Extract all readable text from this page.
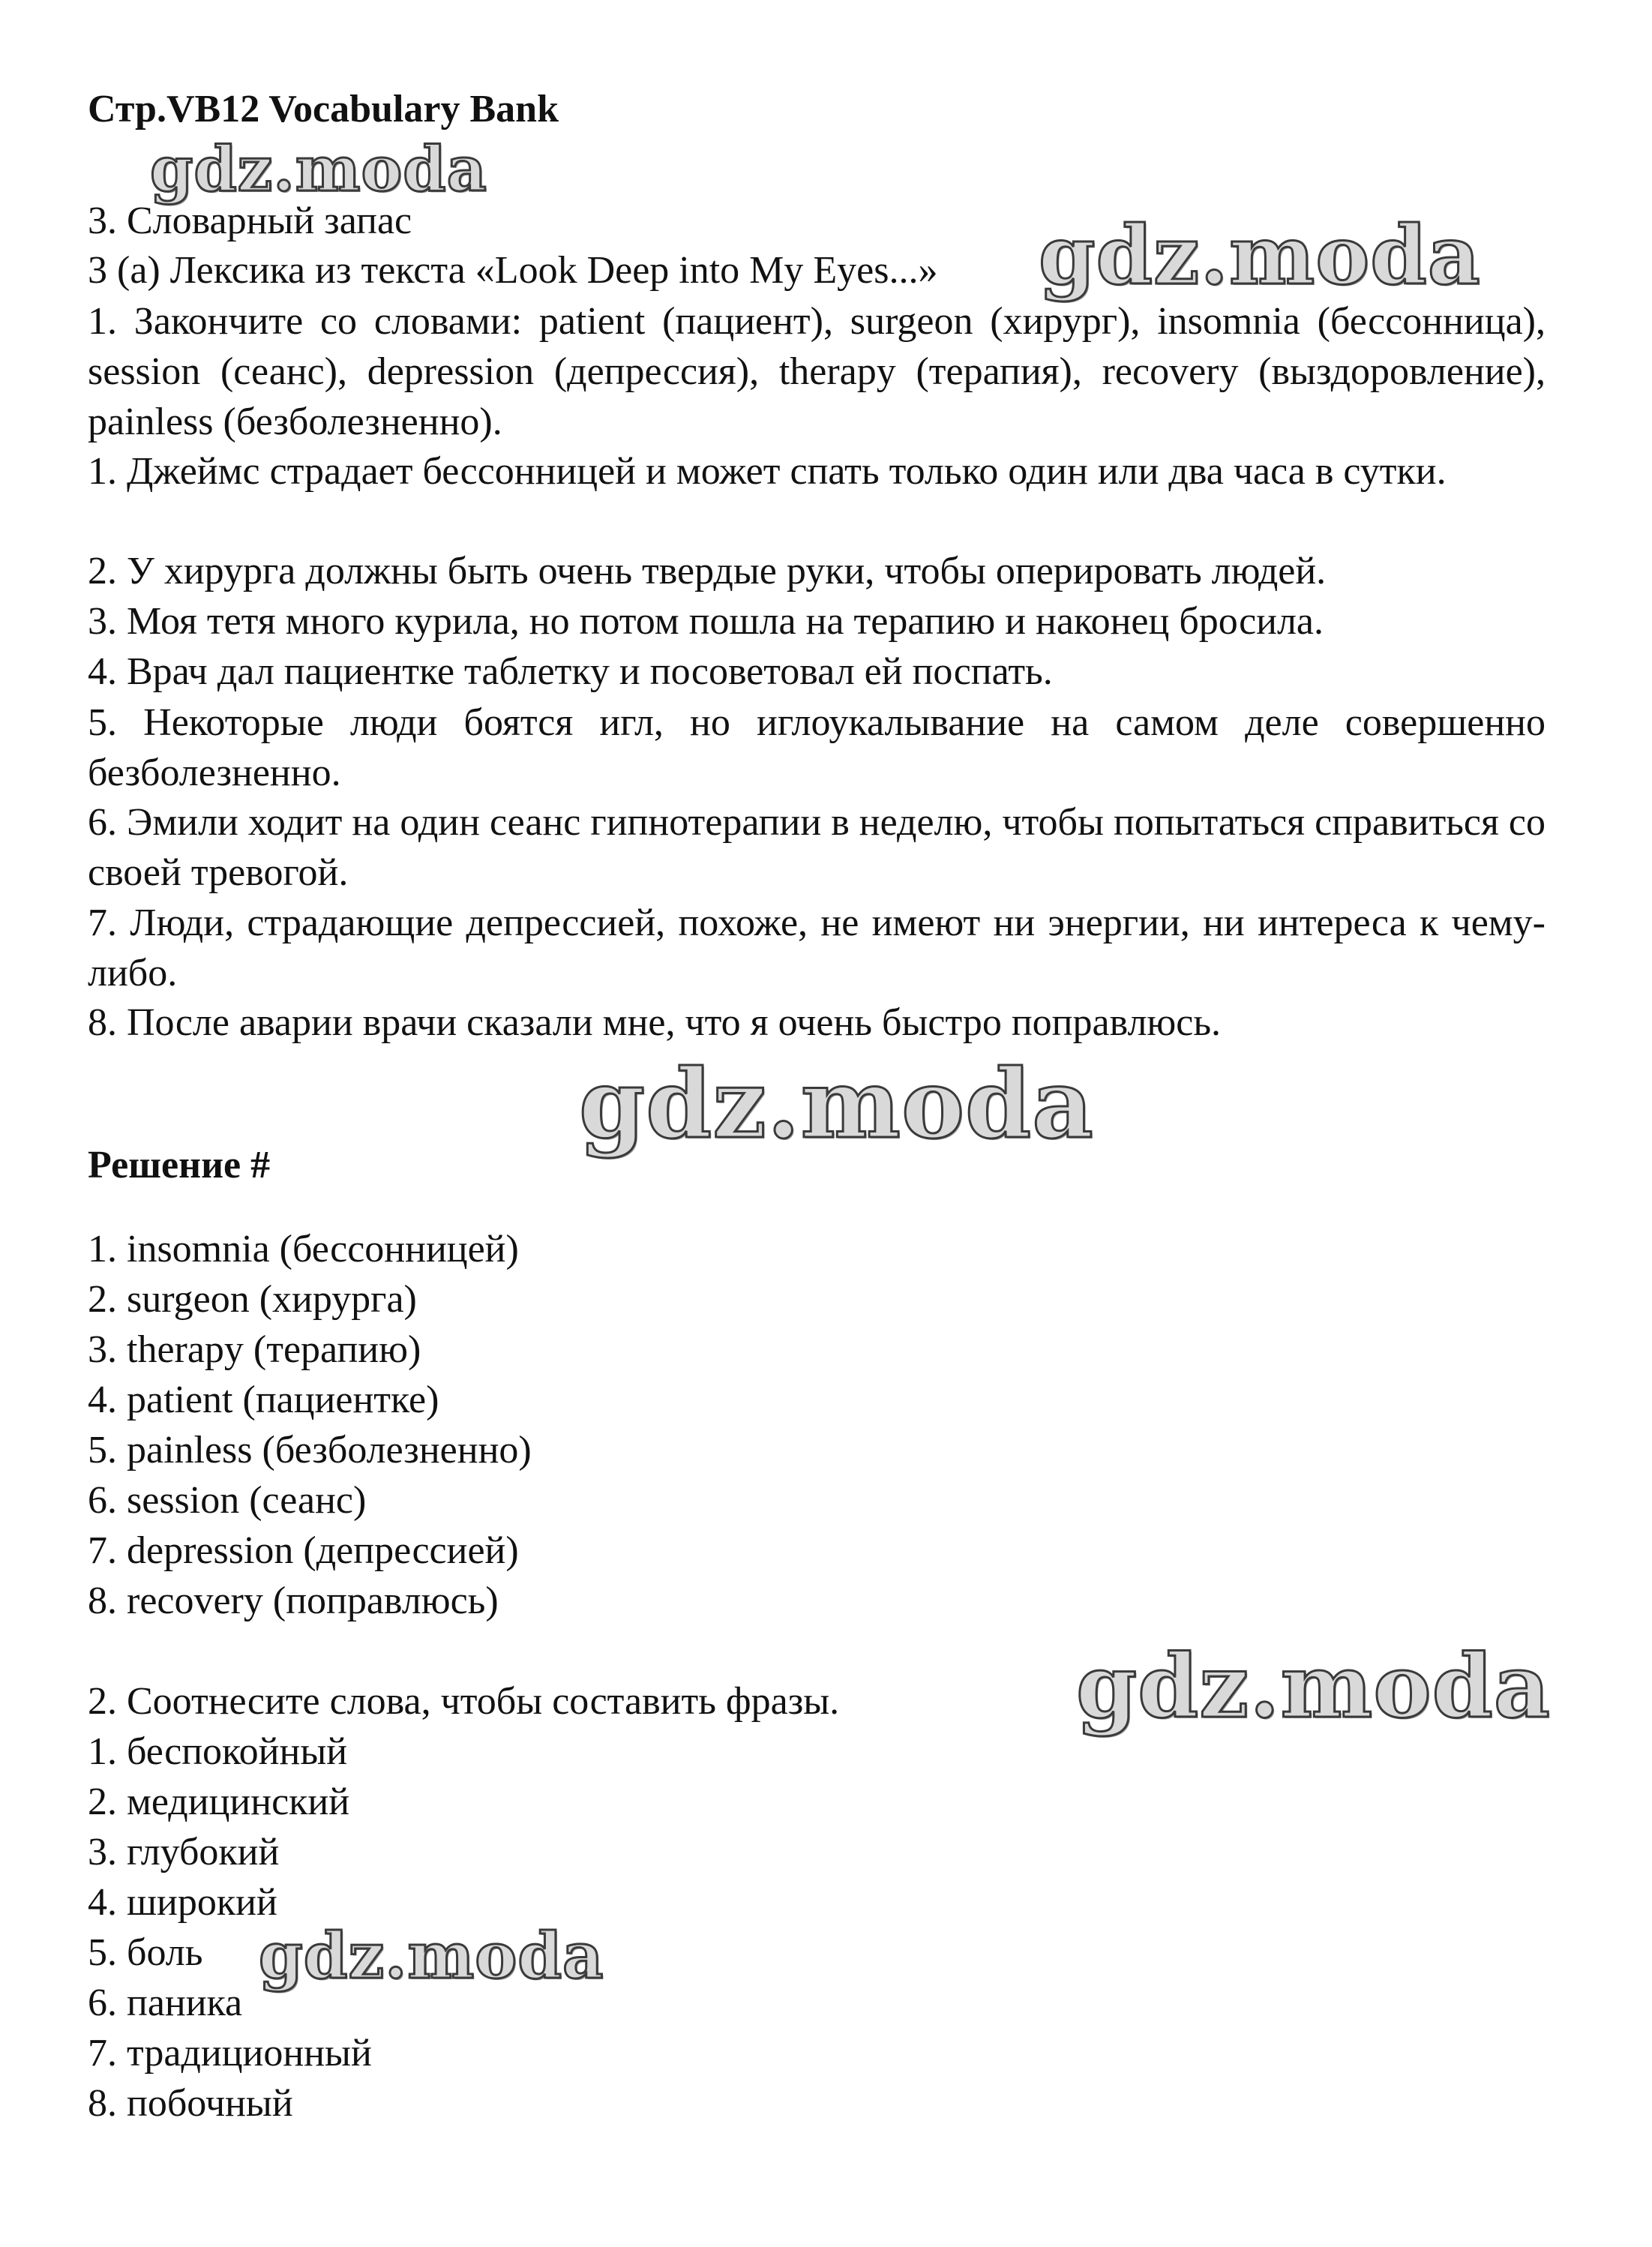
Стр.VB12 Vocabulary Bank
gdz.moda
gdz.moda
gdz.moda
gdz.moda
gdz.moda
3. Словарный запас
3 (a) Лексика из текста «Look Deep into My Eyes...»
1. Закончите со словами: patient (пациент), surgeon (хирург), insomnia (бессонница), session (сеанс), depression (депрессия), therapy (терапия), recovery (выздоровление), painless (безболезненно).
1. Джеймс страдает бессонницей и может спать только один или два часа в сутки.
2. У хирурга должны быть очень твердые руки, чтобы оперировать людей.
3. Моя тетя много курила, но потом пошла на терапию и наконец бросила.
4. Врач дал пациентке таблетку и посоветовал ей поспать.
5. Некоторые люди боятся игл, но иглоукалывание на самом деле совершенно безболезненно.
6. Эмили ходит на один сеанс гипнотерапии в неделю, чтобы попытаться справиться со своей тревогой.
7. Люди, страдающие депрессией, похоже, не имеют ни энергии, ни интереса к чему-либо.
8. После аварии врачи сказали мне, что я очень быстро поправлюсь.
Решение #
1. insomnia (бессонницей)
2. surgeon (хирурга)
3. therapy (терапию)
4. patient (пациентке)
5. painless (безболезненно)
6. session (сеанс)
7. depression (депрессией)
8. recovery (поправлюсь)
2. Соотнесите слова, чтобы составить фразы.
1. беспокойный
2. медицинский
3. глубокий
4. широкий
5. боль
6. паника
7. традиционный
8. побочный
